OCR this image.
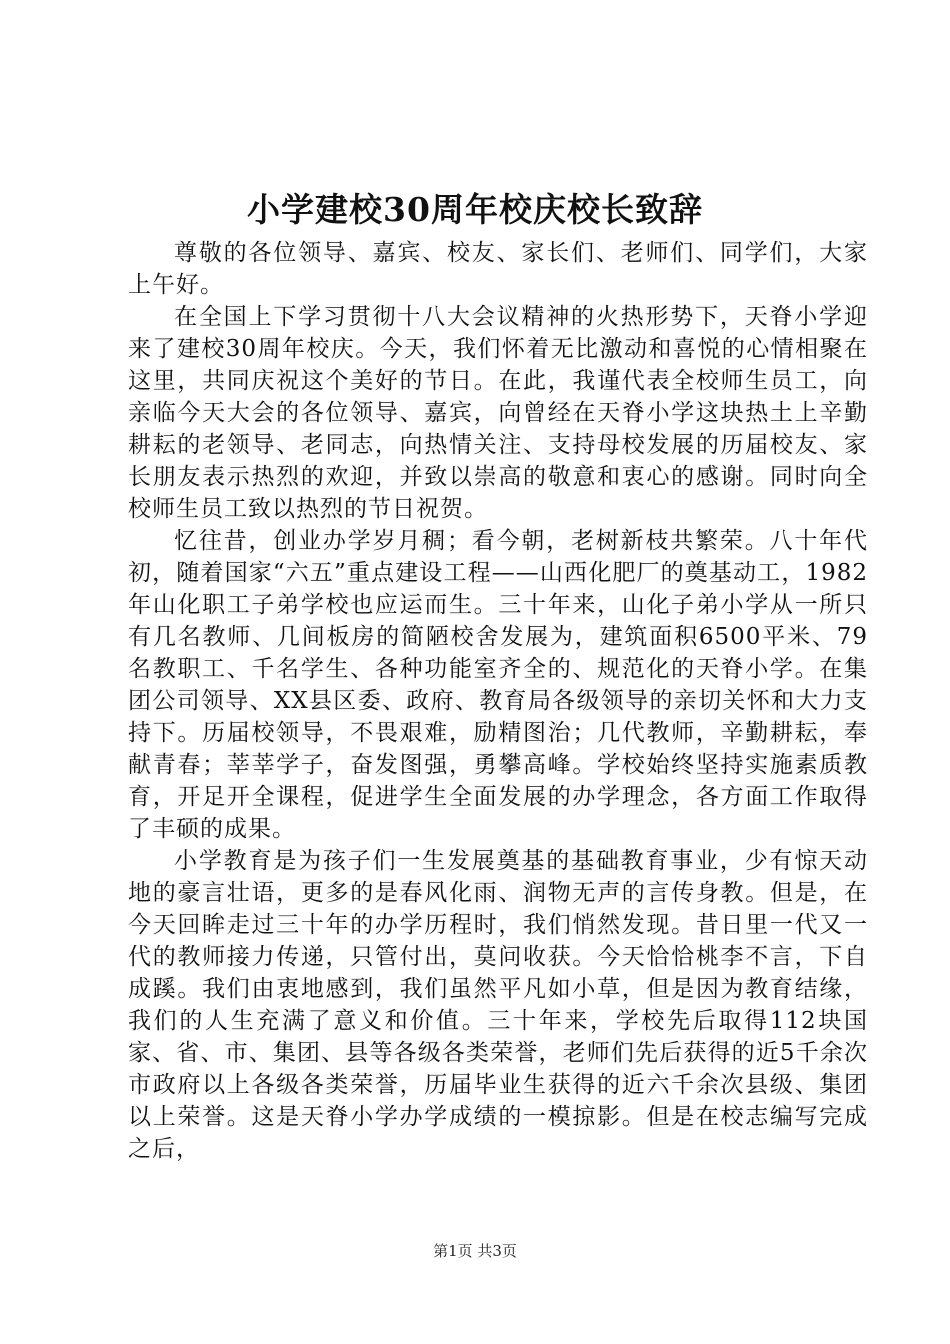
小学建校30周年校庆校长致辞

尊敬的各位领导、嘉宾、校友、家长们、老师们、同学们，大家上午好。

在全国上下学习贯彻十八大会议精神的火热形势下，天脊小学迎来了建校30周年校庆。今天，我们怀着无比激动和喜悦的心情相聚在这里，共同庆祝这个美好的节日。在此，我谨代表全校师生员工，向亲临今天大会的各位领导、嘉宾，向曾经在天脊小学这块热土上辛勤耕耘的老领导、老同志，向热情关注、支持母校发展的历届校友、家长朋友表示热烈的欢迎，并致以崇高的敬意和衷心的感谢。同时向全校师生员工致以热烈的节日祝贺。

忆往昔，创业办学岁月稠；看今朝，老树新枝共繁荣。八十年代初，随着国家“六五”重点建设工程——山西化肥厂的奠基动工，1982年山化职工子弟学校也应运而生。三十年来，山化子弟小学从一所只有几名教师、几间板房的简陋校舍发展为，建筑面积6500平米、79名教职工、千名学生、各种功能室齐全的、规范化的天脊小学。在集团公司领导、XX县区委、政府、教育局各级领导的亲切关怀和大力支持下。历届校领导，不畏艰难，励精图治；几代教师，辛勤耕耘，奉献青春；莘莘学子，奋发图强，勇攀高峰。学校始终坚持实施素质教育，开足开全课程，促进学生全面发展的办学理念，各方面工作取得了丰硕的成果。

小学教育是为孩子们一生发展奠基的基础教育事业，少有惊天动地的豪言壮语，更多的是春风化雨、润物无声的言传身教。但是，在今天回眸走过三十年的办学历程时，我们悄然发现。昔日里一代又一代的教师接力传递，只管付出，莫问收获。今天恰恰桃李不言，下自成蹊。我们由衷地感到，我们虽然平凡如小草，但是因为教育结缘，我们的人生充满了意义和价值。三十年来，学校先后取得112块国家、省、市、集团、县等各级各类荣誉，老师们先后获得的近5千余次市政府以上各级各类荣誉，历届毕业生获得的近六千余次县级、集团以上荣誉。这是天脊小学办学成绩的一模掠影。但是在校志编写完成之后，

第1页 共3页
